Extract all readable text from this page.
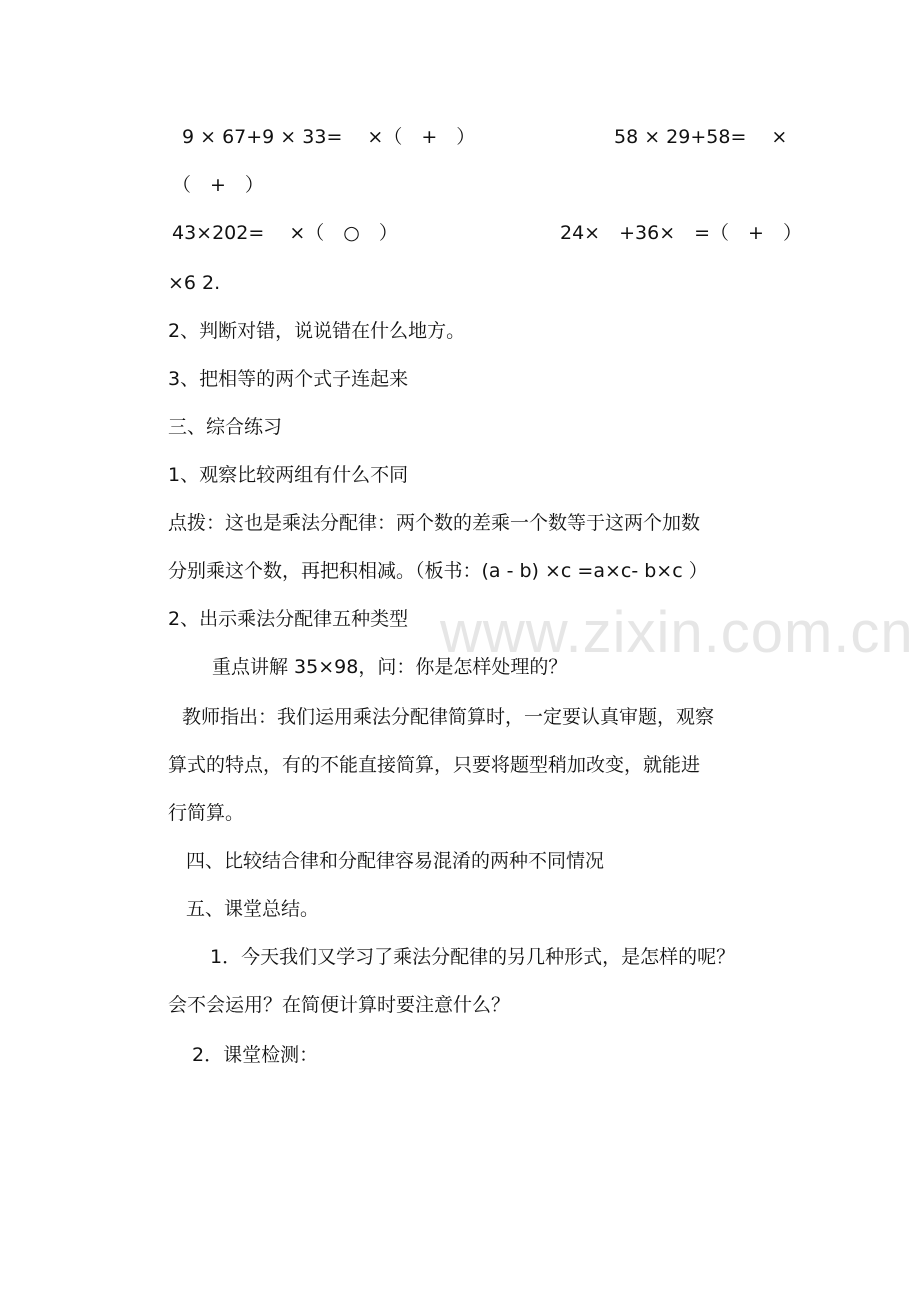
www.zixin.com.cn
9 × 67+9 × 33=　 ×（　+　）	58 × 29+58=　 ×
（　+　）
43×202=　 ×（　○　）	24×　+36×　=（　+　）
×6 2.
2、判断对错，说说错在什么地方。
3、把相等的两个式子连起来
三、综合练习
1、观察比较两组有什么不同
点拨：这也是乘法分配律：两个数的差乘一个数等于这两个加数
分别乘这个数，再把积相减。（板书：(a - b) ×c =a×c- b×c ）
2、出示乘法分配律五种类型
重点讲解 35×98，问：你是怎样处理的？
教师指出：我们运用乘法分配律简算时，一定要认真审题，观察
算式的特点，有的不能直接简算，只要将题型稍加改变，就能进
行简算。
四、比较结合律和分配律容易混淆的两种不同情况
五、课堂总结。
1．今天我们又学习了乘法分配律的另几种形式，是怎样的呢？
会不会运用？在简便计算时要注意什么？
2．课堂检测：
